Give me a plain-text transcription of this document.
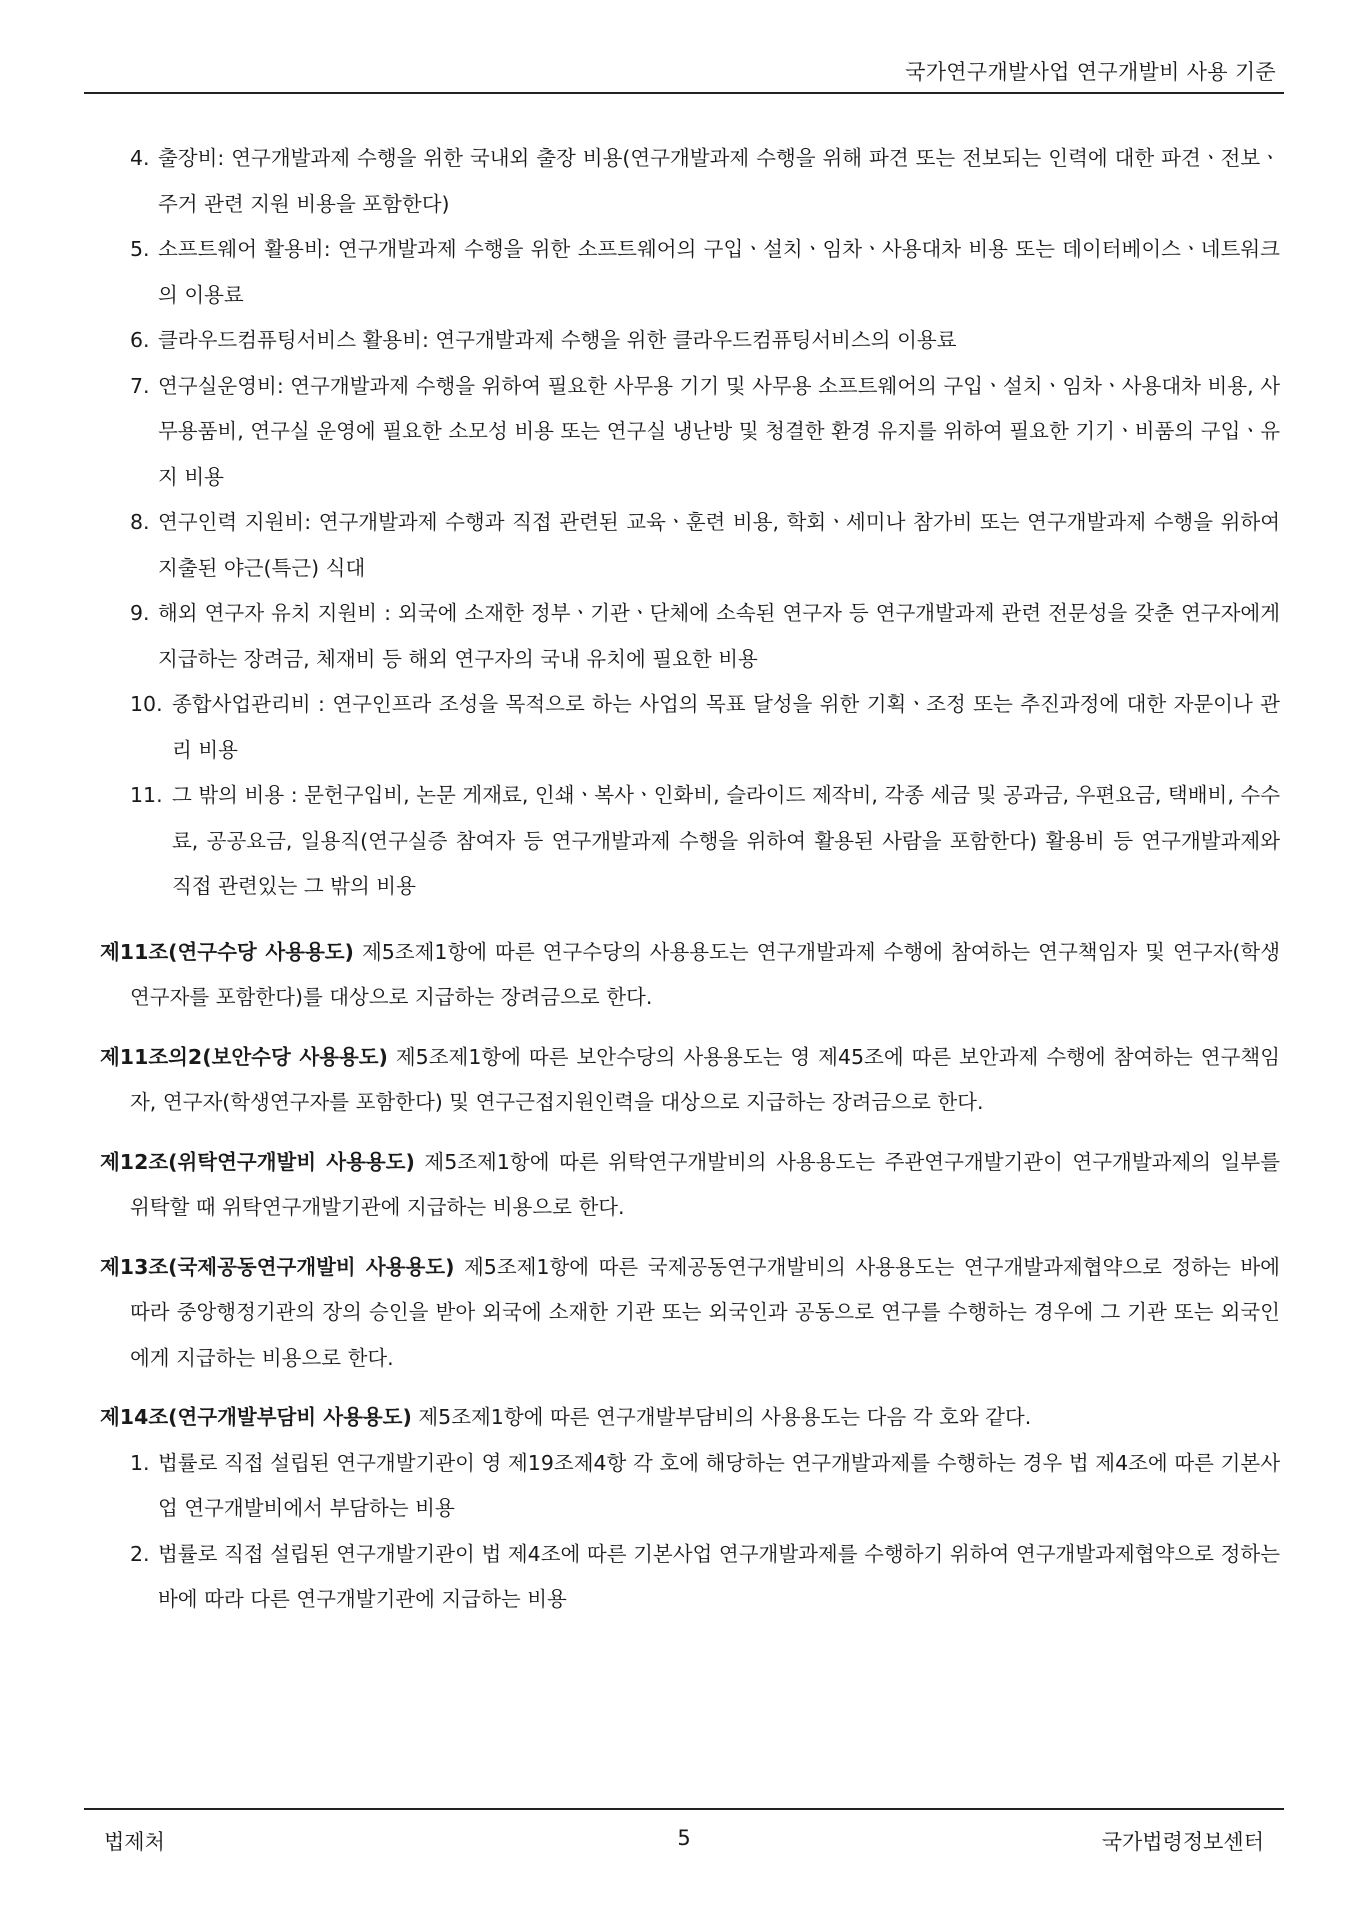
국가연구개발사업 연구개발비 사용 기준
4. 출장비: 연구개발과제 수행을 위한 국내외 출장 비용(연구개발과제 수행을 위해 파견 또는 전보되는 인력에 대한 파견ㆍ전보ㆍ주거 관련 지원 비용을 포함한다)
5. 소프트웨어 활용비: 연구개발과제 수행을 위한 소프트웨어의 구입ㆍ설치ㆍ임차ㆍ사용대차 비용 또는 데이터베이스ㆍ네트워크의 이용료
6. 클라우드컴퓨팅서비스 활용비: 연구개발과제 수행을 위한 클라우드컴퓨팅서비스의 이용료
7. 연구실운영비: 연구개발과제 수행을 위하여 필요한 사무용 기기 및 사무용 소프트웨어의 구입ㆍ설치ㆍ임차ㆍ사용대차 비용, 사무용품비, 연구실 운영에 필요한 소모성 비용 또는 연구실 냉난방 및 청결한 환경 유지를 위하여 필요한 기기ㆍ비품의 구입ㆍ유지 비용
8. 연구인력 지원비: 연구개발과제 수행과 직접 관련된 교육ㆍ훈련 비용, 학회ㆍ세미나 참가비 또는 연구개발과제 수행을 위하여 지출된 야근(특근) 식대
9. 해외 연구자 유치 지원비 : 외국에 소재한 정부ㆍ기관ㆍ단체에 소속된 연구자 등 연구개발과제 관련 전문성을 갖춘 연구자에게 지급하는 장려금, 체재비 등 해외 연구자의 국내 유치에 필요한 비용
10. 종합사업관리비 : 연구인프라 조성을 목적으로 하는 사업의 목표 달성을 위한 기획ㆍ조정 또는 추진과정에 대한 자문이나 관리 비용
11. 그 밖의 비용 : 문헌구입비, 논문 게재료, 인쇄ㆍ복사ㆍ인화비, 슬라이드 제작비, 각종 세금 및 공과금, 우편요금, 택배비, 수수료, 공공요금, 일용직(연구실증 참여자 등 연구개발과제 수행을 위하여 활용된 사람을 포함한다) 활용비 등 연구개발과제와 직접 관련있는 그 밖의 비용
제11조(연구수당 사용용도) 제5조제1항에 따른 연구수당의 사용용도는 연구개발과제 수행에 참여하는 연구책임자 및 연구자(학생연구자를 포함한다)를 대상으로 지급하는 장려금으로 한다.
제11조의2(보안수당 사용용도) 제5조제1항에 따른 보안수당의 사용용도는 영 제45조에 따른 보안과제 수행에 참여하는 연구책임자, 연구자(학생연구자를 포함한다) 및 연구근접지원인력을 대상으로 지급하는 장려금으로 한다.
제12조(위탁연구개발비 사용용도) 제5조제1항에 따른 위탁연구개발비의 사용용도는 주관연구개발기관이 연구개발과제의 일부를 위탁할 때 위탁연구개발기관에 지급하는 비용으로 한다.
제13조(국제공동연구개발비 사용용도) 제5조제1항에 따른 국제공동연구개발비의 사용용도는 연구개발과제협약으로 정하는 바에 따라 중앙행정기관의 장의 승인을 받아 외국에 소재한 기관 또는 외국인과 공동으로 연구를 수행하는 경우에 그 기관 또는 외국인에게 지급하는 비용으로 한다.
제14조(연구개발부담비 사용용도) 제5조제1항에 따른 연구개발부담비의 사용용도는 다음 각 호와 같다.
1. 법률로 직접 설립된 연구개발기관이 영 제19조제4항 각 호에 해당하는 연구개발과제를 수행하는 경우 법 제4조에 따른 기본사업 연구개발비에서 부담하는 비용
2. 법률로 직접 설립된 연구개발기관이 법 제4조에 따른 기본사업 연구개발과제를 수행하기 위하여 연구개발과제협약으로 정하는 바에 따라 다른 연구개발기관에 지급하는 비용
법제처	5	국가법령정보센터
